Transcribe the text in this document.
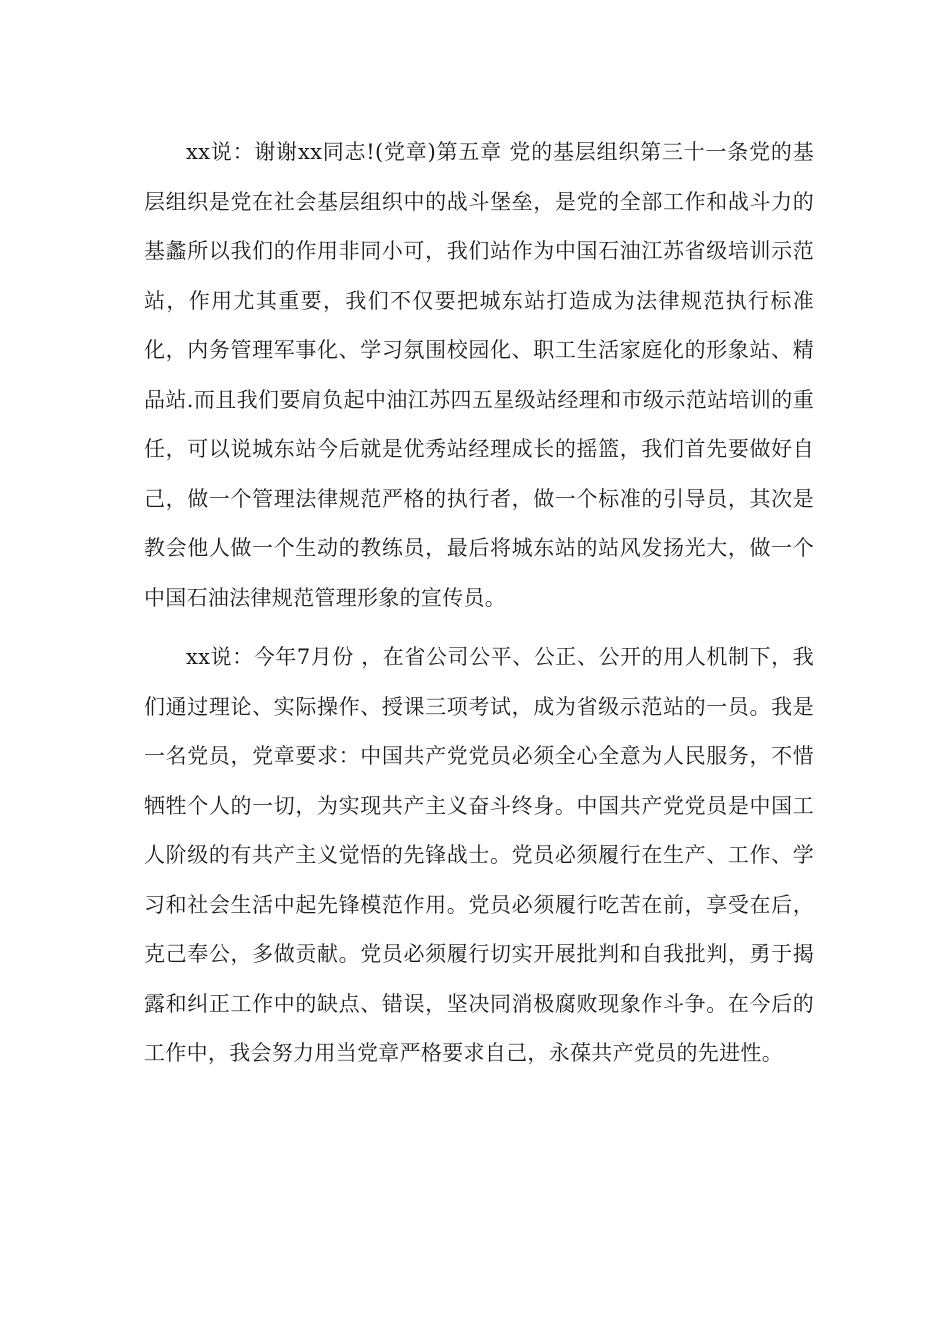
xx说：谢谢xx同志!(党章)第五章 党的基层组织第三十一条党的基层组织是党在社会基层组织中的战斗堡垒，是党的全部工作和战斗力的基蠡所以我们的作用非同小可，我们站作为中国石油江苏省级培训示范站，作用尤其重要，我们不仅要把城东站打造成为法律规范执行标准化，内务管理军事化、学习氛围校园化、职工生活家庭化的形象站、精品站.而且我们要肩负起中油江苏四五星级站经理和市级示范站培训的重任，可以说城东站今后就是优秀站经理成长的摇篮，我们首先要做好自己，做一个管理法律规范严格的执行者，做一个标准的引导员，其次是教会他人做一个生动的教练员，最后将城东站的站风发扬光大，做一个中国石油法律规范管理形象的宣传员。

xx说：今年7月份 ，在省公司公平、公正、公开的用人机制下，我们通过理论、实际操作、授课三项考试，成为省级示范站的一员。我是一名党员，党章要求：中国共产党党员必须全心全意为人民服务，不惜牺牲个人的一切，为实现共产主义奋斗终身。中国共产党党员是中国工人阶级的有共产主义觉悟的先锋战士。党员必须履行在生产、工作、学习和社会生活中起先锋模范作用。党员必须履行吃苦在前，享受在后，克己奉公，多做贡献。党员必须履行切实开展批判和自我批判，勇于揭露和纠正工作中的缺点、错误，坚决同消极腐败现象作斗争。在今后的工作中，我会努力用当党章严格要求自己，永葆共产党员的先进性。
